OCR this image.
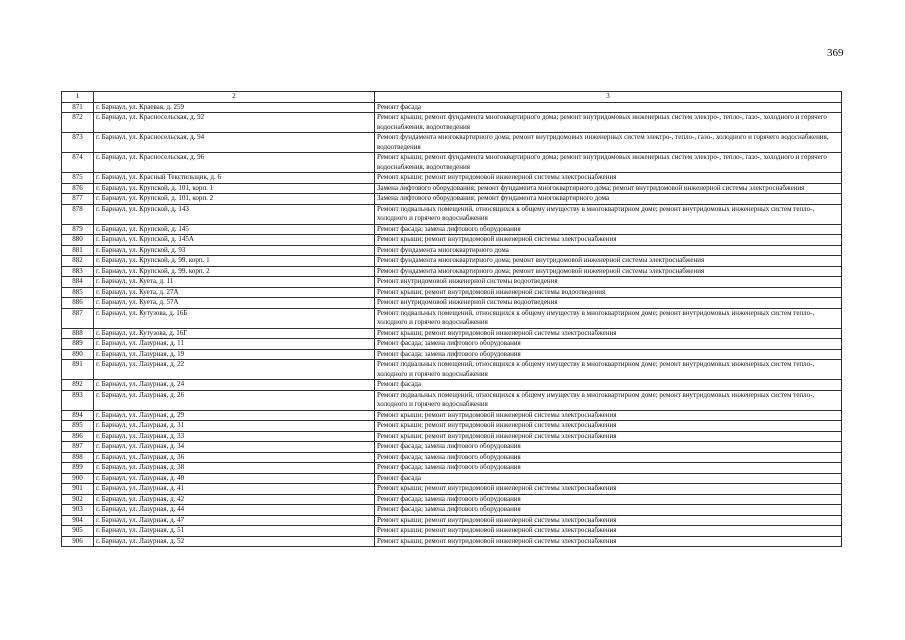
369
1	2	3
871	г. Барнаул, ул. Краевая, д. 259	Ремонт фасада
872	г. Барнаул, ул. Красносельская, д. 92	Ремонт крыши; ремонт фундамента многоквартирного дома; ремонт внутридомовых инженерных систем электро-, тепло-, газо-, холодного и горячего водоснабжения, водоотведения
873	г. Барнаул, ул. Красносельская, д. 94	Ремонт фундамента многоквартирного дома; ремонт внутридомовых инженерных систем электро-, тепло-, газо-, холодного и горячего водоснабжения, водоотведения
874	г. Барнаул, ул. Красносельская, д. 96	Ремонт крыши; ремонт фундамента многоквартирного дома; ремонт внутридомовых инженерных систем электро-, тепло-, газо-, холодного и горячего водоснабжения, водоотведения
875	г. Барнаул, ул. Красный Текстильщик, д. 6	Ремонт крыши; ремонт внутридомовой инженерной системы электроснабжения
876	г. Барнаул, ул. Крупской, д. 101, корп. 1	Замена лифтового оборудования; ремонт фундамента многоквартирного дома; ремонт внутридомовой инженерной системы электроснабжения
877	г. Барнаул, ул. Крупской, д. 101, корп. 2	Замена лифтового оборудования; ремонт фундамента многоквартирного дома
878	г. Барнаул, ул. Крупской, д. 143	Ремонт подвальных помещений, относящихся к общему имуществу в многоквартирном доме; ремонт внутридомовых инженерных систем тепло-, холодного и горячего водоснабжения
879	г. Барнаул, ул. Крупской, д. 145	Ремонт фасада; замена лифтового оборудования
880	г. Барнаул, ул. Крупской, д. 145А	Ремонт крыши; ремонт внутридомовой инженерной системы электроснабжения
881	г. Барнаул, ул. Крупской, д. 93	Ремонт фундамента многоквартирного дома
882	г. Барнаул, ул. Крупской, д. 99, корп. 1	Ремонт фундамента многоквартирного дома; ремонт внутридомовой инженерной системы электроснабжения
883	г. Барнаул, ул. Крупской, д. 99, корп. 2	Ремонт фундамента многоквартирного дома; ремонт внутридомовой инженерной системы электроснабжения
884	г. Барнаул, ул. Куета, д. 11	Ремонт внутридомовой инженерной системы водоотведения
885	г. Барнаул, ул. Куета, д. 27А	Ремонт крыши; ремонт внутридомовой инженерной системы водоотведения
886	г. Барнаул, ул. Куета, д. 57А	Ремонт внутридомовой инженерной системы водоотведения
887	г. Барнаул, ул. Кутузова, д. 16Б	Ремонт подвальных помещений, относящихся к общему имуществу в многоквартирном доме; ремонт внутридомовых инженерных систем тепло-, холодного и горячего водоснабжения
888	г. Барнаул, ул. Кутузова, д. 16Г	Ремонт крыши; ремонт внутридомовой инженерной системы электроснабжения
889	г. Барнаул, ул. Лазурная, д. 11	Ремонт фасада; замена лифтового оборудования
890	г. Барнаул, ул. Лазурная, д. 19	Ремонт фасада; замена лифтового оборудования
891	г. Барнаул, ул. Лазурная, д. 22	Ремонт подвальных помещений, относящихся к общему имуществу в многоквартирном доме; ремонт внутридомовых инженерных систем тепло-, холодного и горячего водоснабжения
892	г. Барнаул, ул. Лазурная, д. 24	Ремонт фасада
893	г. Барнаул, ул. Лазурная, д. 26	Ремонт подвальных помещений, относящихся к общему имуществу в многоквартирном доме; ремонт внутридомовых инженерных систем тепло-, холодного и горячего водоснабжения
894	г. Барнаул, ул. Лазурная, д. 29	Ремонт крыши; ремонт внутридомовой инженерной системы электроснабжения
895	г. Барнаул, ул. Лазурная, д. 31	Ремонт крыши; ремонт внутридомовой инженерной системы электроснабжения
896	г. Барнаул, ул. Лазурная, д. 33	Ремонт крыши; ремонт внутридомовой инженерной системы электроснабжения
897	г. Барнаул, ул. Лазурная, д. 34	Ремонт фасада; замена лифтового оборудования
898	г. Барнаул, ул. Лазурная, д. 36	Ремонт фасада; замена лифтового оборудования
899	г. Барнаул, ул. Лазурная, д. 38	Ремонт фасада; замена лифтового оборудования
900	г. Барнаул, ул. Лазурная, д. 40	Ремонт фасада
901	г. Барнаул, ул. Лазурная, д. 41	Ремонт крыши; ремонт внутридомовой инженерной системы электроснабжения
902	г. Барнаул, ул. Лазурная, д. 42	Ремонт фасада; замена лифтового оборудования
903	г. Барнаул, ул. Лазурная, д. 44	Ремонт фасада; замена лифтового оборудования
904	г. Барнаул, ул. Лазурная, д. 47	Ремонт крыши; ремонт внутридомовой инженерной системы электроснабжения
905	г. Барнаул, ул. Лазурная, д. 51	Ремонт крыши; ремонт внутридомовой инженерной системы электроснабжения
906	г. Барнаул, ул. Лазурная, д. 52	Ремонт крыши; ремонт внутридомовой инженерной системы электроснабжения
